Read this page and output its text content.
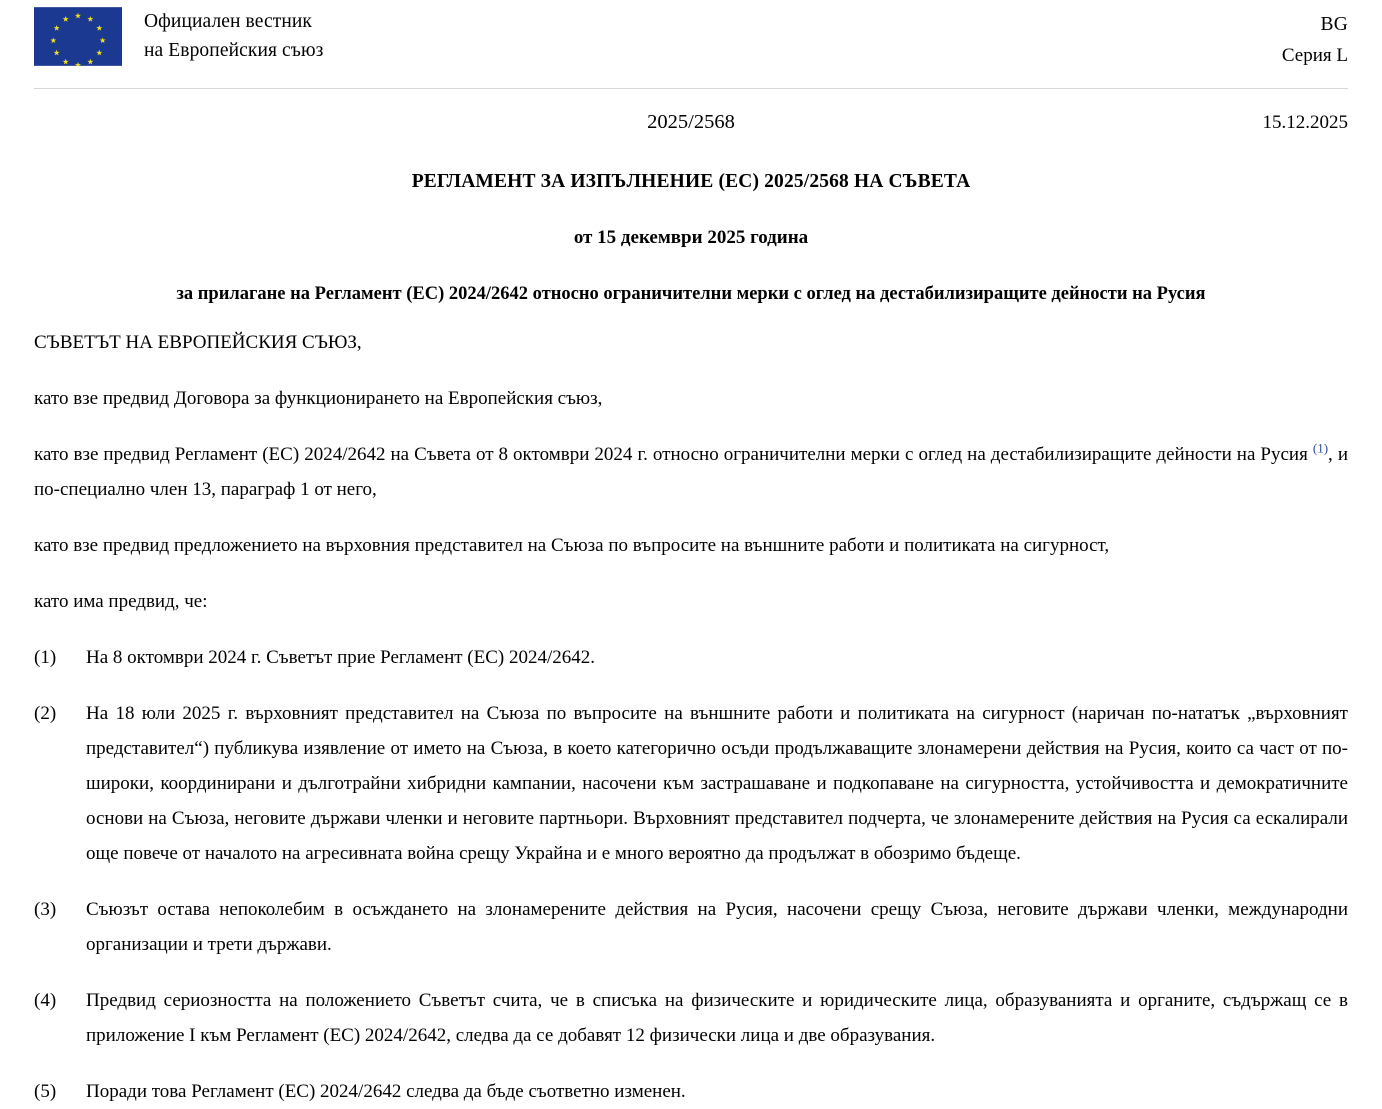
Официален вестник
на Европейския съюз
BG
Серия L
2025/2568	15.12.2025
РЕГЛАМЕНТ ЗА ИЗПЪЛНЕНИЕ (ЕС) 2025/2568 НА СЪВЕТА
от 15 декември 2025 година
за прилагане на Регламент (ЕС) 2024/2642 относно ограничителни мерки с оглед на дестабилизиращите дейности на Русия

СЪВЕТЪТ НА ЕВРОПЕЙСКИЯ СЪЮЗ,

като взе предвид Договора за функционирането на Европейския съюз,

като взе предвид Регламент (ЕС) 2024/2642 на Съвета от 8 октомври 2024 г. относно ограничителни мерки с оглед на дестабилизиращите дейности на Русия $^{(1)}$, и по-специално член 13, параграф 1 от него,

като взе предвид предложението на върховния представител на Съюза по въпросите на външните работи и политиката на сигурност,

като има предвид, че:

(1)	На 8 октомври 2024 г. Съветът прие Регламент (ЕС) 2024/2642.
(2)	На 18 юли 2025 г. върховният представител на Съюза по въпросите на външните работи и политиката на сигурност (наричан по-нататък „върховният представител“) публикува изявление от името на Съюза, в което категорично осъди продължаващите злонамерени действия на Русия, които са част от по-широки, координирани и дълготрайни хибридни кампании, насочени към застрашаване и подкопаване на сигурността, устойчивостта и демократичните основи на Съюза, неговите държави членки и неговите партньори. Върховният представител подчерта, че злонамерените действия на Русия са ескалирали още повече от началото на агресивната война срещу Украйна и е много вероятно да продължат в обозримо бъдеще.
(3)	Съюзът остава непоколебим в осъждането на злонамерените действия на Русия, насочени срещу Съюза, неговите държави членки, международни организации и трети държави.
(4)	Предвид сериозността на положението Съветът счита, че в списъка на физическите и юридическите лица, образуванията и органите, съдържащ се в приложение I към Регламент (ЕС) 2024/2642, следва да се добавят 12 физически лица и две образувания.
(5)	Поради това Регламент (ЕС) 2024/2642 следва да бъде съответно изменен.
